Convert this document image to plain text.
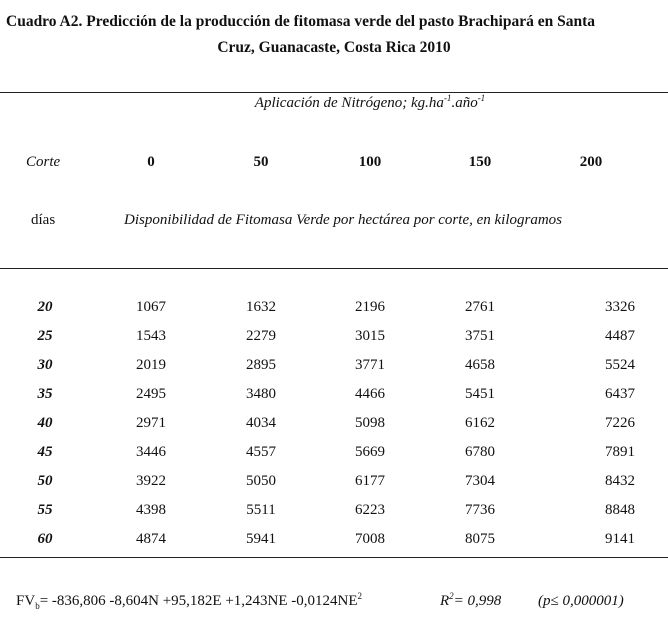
Cuadro A2. Predicción de la producción de fitomasa verde del pasto Brachipará en Santa
Cruz, Guanacaste, Costa Rica 2010
Aplicación de Nitrógeno; $kg.ha^{-1}.año^{-1}$
Corte	0	50	100	150	200
días	Disponibilidad de Fitomasa Verde por hectárea por corte, en kilogramos
20	1067	1632	2196	2761	3326
25	1543	2279	3015	3751	4487
30	2019	2895	3771	4658	5524
35	2495	3480	4466	5451	6437
40	2971	4034	5098	6162	7226
45	3446	4557	5669	6780	7891
50	3922	5050	6177	7304	8432
55	4398	5511	6223	7736	8848
60	4874	5941	7008	8075	9141
$FV_b= -836,806$ -8,604N +95,182E +1,243NE $-0,0124NE^2$	$R^2= 0,998$ (p≤ 0,000001)
